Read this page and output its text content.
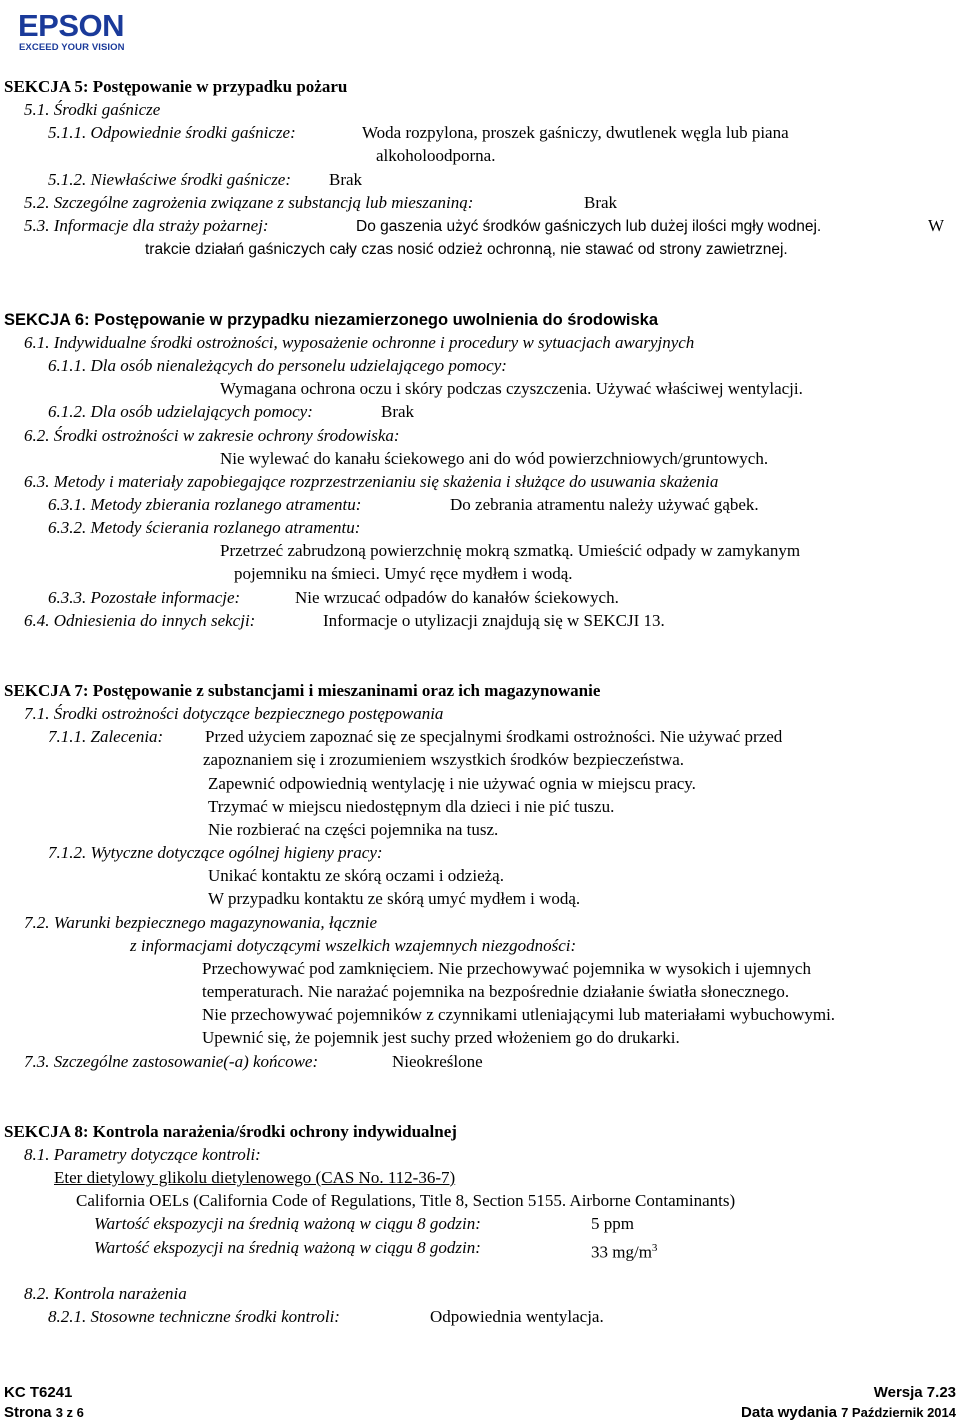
EPSON
EXCEED YOUR VISION
SEKCJA 5: Postępowanie w przypadku pożaru
5.1. Środki gaśnicze
5.1.1. Odpowiednie środki gaśnicze:	Woda rozpylona, proszek gaśniczy, dwutlenek węgla lub piana
alkoholoodporna.
5.1.2. Niewłaściwe środki gaśnicze: Brak
5.2. Szczególne zagrożenia związane z substancją lub mieszaniną:	Brak
5.3. Informacje dla straży pożarnej:	Do gaszenia użyć środków gaśniczych lub dużej ilości mgły wodnej.	W
trakcie działań gaśniczych cały czas nosić odzież ochronną, nie stawać od strony zawietrznej.
SEKCJA 6: Postępowanie w przypadku niezamierzonego uwolnienia do środowiska
6.1. Indywidualne środki ostrożności, wyposażenie ochronne i procedury w sytuacjach awaryjnych
6.1.1. Dla osób nienależących do personelu udzielającego pomocy:
Wymagana ochrona oczu i skóry podczas czyszczenia. Używać właściwej wentylacji.
6.1.2. Dla osób udzielających pomocy:	Brak
6.2. Środki ostrożności w zakresie ochrony środowiska:
Nie wylewać do kanału ściekowego ani do wód powierzchniowych/gruntowych.
6.3. Metody i materiały zapobiegające rozprzestrzenianiu się skażenia i służące do usuwania skażenia
6.3.1. Metody zbierania rozlanego atramentu:	Do zebrania atramentu należy używać gąbek.
6.3.2. Metody ścierania rozlanego atramentu:
Przetrzeć zabrudzoną powierzchnię mokrą szmatką. Umieścić odpady w zamykanym
pojemniku na śmieci. Umyć ręce mydłem i wodą.
6.3.3. Pozostałe informacje:	Nie wrzucać odpadów do kanałów ściekowych.
6.4. Odniesienia do innych sekcji:	Informacje o utylizacji znajdują się w SEKCJI 13.
SEKCJA 7: Postępowanie z substancjami i mieszaninami oraz ich magazynowanie
7.1. Środki ostrożności dotyczące bezpiecznego postępowania
7.1.1. Zalecenia: Przed użyciem zapoznać się ze specjalnymi środkami ostrożności. Nie używać przed
zapoznaniem się i zrozumieniem wszystkich środków bezpieczeństwa.
Zapewnić odpowiednią wentylację i nie używać ognia w miejscu pracy.
Trzymać w miejscu niedostępnym dla dzieci i nie pić tuszu.
Nie rozbierać na części pojemnika na tusz.
7.1.2. Wytyczne dotyczące ogólnej higieny pracy:
Unikać kontaktu ze skórą oczami i odzieżą.
W przypadku kontaktu ze skórą umyć mydłem i wodą.
7.2. Warunki bezpiecznego magazynowania, łącznie
z informacjami dotyczącymi wszelkich wzajemnych niezgodności:
Przechowywać pod zamknięciem. Nie przechowywać pojemnika w wysokich i ujemnych
temperaturach. Nie narażać pojemnika na bezpośrednie działanie światła słonecznego.
Nie przechowywać pojemników z czynnikami utleniającymi lub materiałami wybuchowymi.
Upewnić się, że pojemnik jest suchy przed włożeniem go do drukarki.
7.3. Szczególne zastosowanie(-a) końcowe:	Nieokreślone
SEKCJA 8: Kontrola narażenia/środki ochrony indywidualnej
8.1. Parametry dotyczące kontroli:
Eter dietylowy glikolu dietylenowego (CAS No. 112-36-7)
California OELs (California Code of Regulations, Title 8, Section 5155. Airborne Contaminants)
Wartość ekspozycji na średnią ważoną w ciągu 8 godzin:	5 ppm
Wartość ekspozycji na średnią ważoną w ciągu 8 godzin:	33 $mg/m^3$
8.2. Kontrola narażenia
8.2.1. Stosowne techniczne środki kontroli:	Odpowiednia wentylacja.
KC T6241
Strona 3 z 6
Wersja 7.23
Data wydania 7 Październik 2014
